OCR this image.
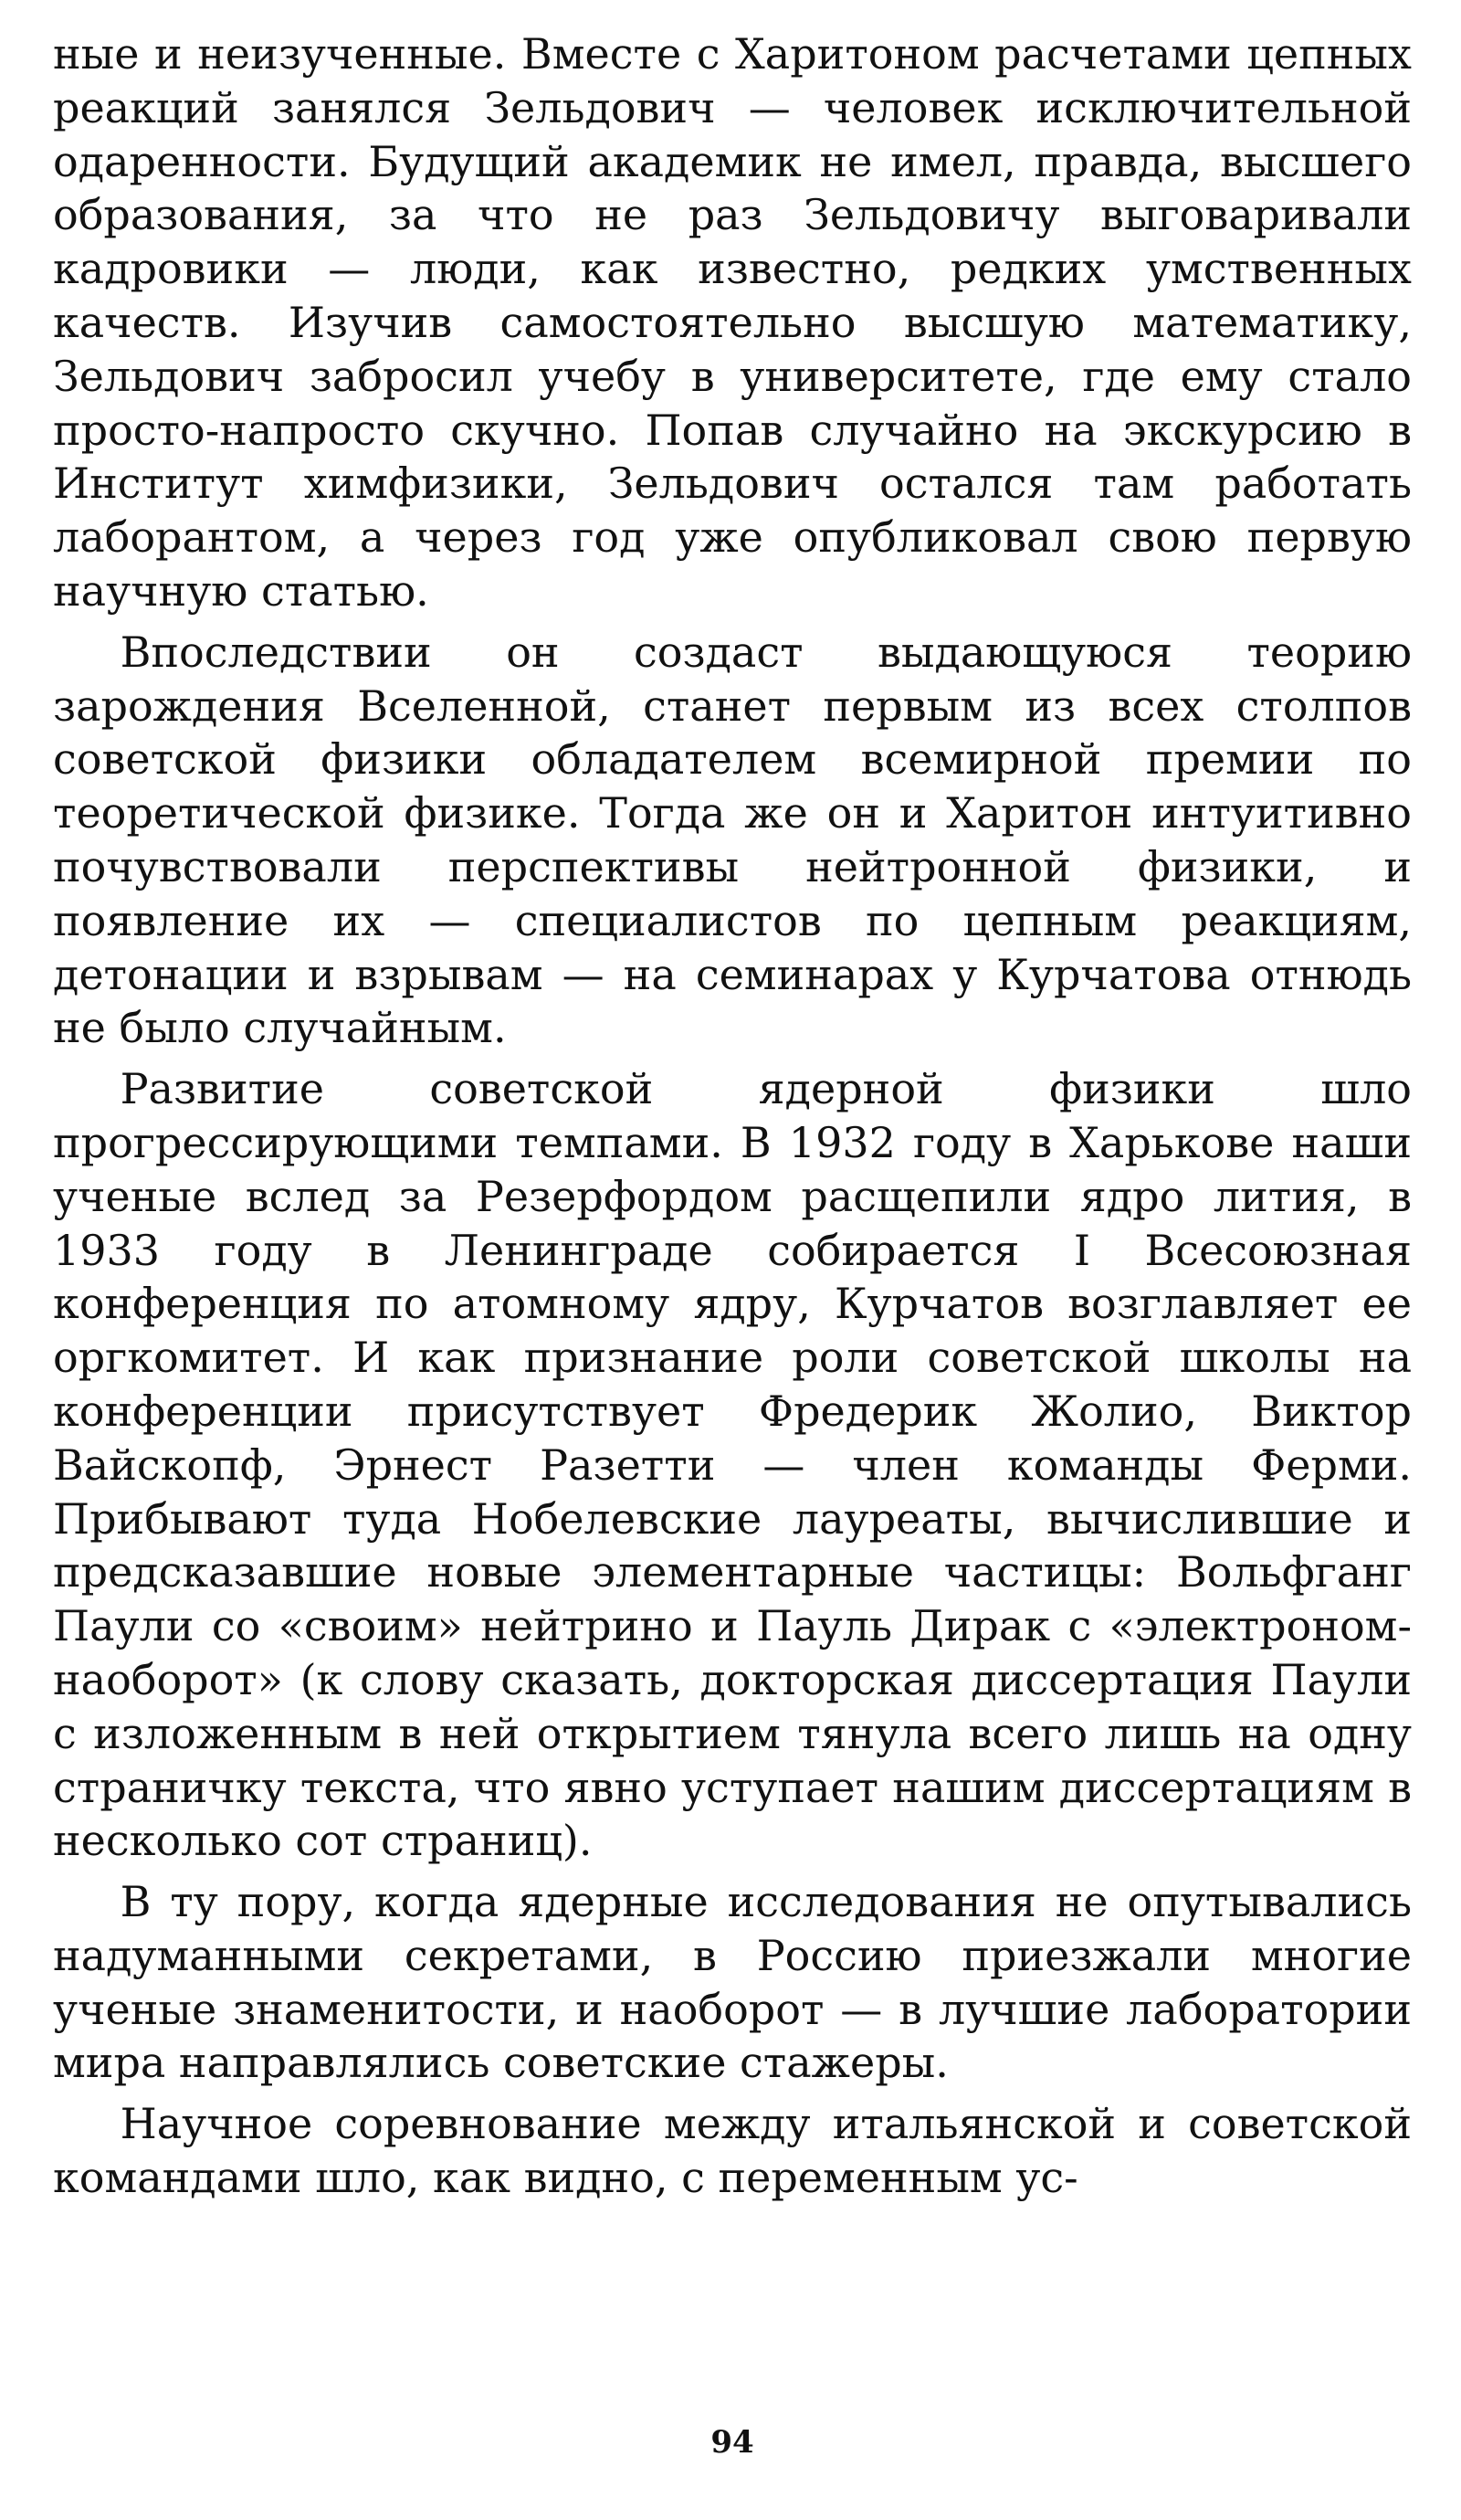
ные и неизученные. Вместе с Харитоном расчетами цепных реакций занялся Зельдович — человек исключительной одаренности. Будущий академик не имел, правда, высшего образования, за что не раз Зельдовичу выговаривали кадровики — люди, как известно, редких умственных качеств. Изучив самостоятельно высшую математику, Зельдович забросил учебу в университете, где ему стало просто-напросто скучно. Попав случайно на экскурсию в Институт химфизики, Зельдович остался там работать лаборантом, а через год уже опубликовал свою первую научную статью.

Впоследствии он создаст выдающуюся теорию зарождения Вселенной, станет первым из всех столпов советской физики обладателем всемирной премии по теоретической физике. Тогда же он и Харитон интуитивно почувствовали перспективы нейтронной физики, и появление их — специалистов по цепным реакциям, детонации и взрывам — на семинарах у Курчатова отнюдь не было случайным.

Развитие советской ядерной физики шло прогрессирующими темпами. В 1932 году в Харькове наши ученые вслед за Резерфордом расщепили ядро лития, в 1933 году в Ленинграде собирается I Всесоюзная конференция по атомному ядру, Курчатов возглавляет ее оргкомитет. И как признание роли советской школы на конференции присутствует Фредерик Жолио, Виктор Вайскопф, Эрнест Разетти — член команды Ферми. Прибывают туда Нобелевские лауреаты, вычислившие и предсказавшие новые элементарные частицы: Вольфганг Паули со «своим» нейтрино и Пауль Дирак с «электроном-наоборот» (к слову сказать, докторская диссертация Паули с изложенным в ней открытием тянула всего лишь на одну страничку текста, что явно уступает нашим диссертациям в несколько сот страниц).

В ту пору, когда ядерные исследования не опутывались надуманными секретами, в Россию приезжали многие ученые знаменитости, и наоборот — в лучшие лаборатории мира направлялись советские стажеры.

Научное соревнование между итальянской и советской командами шло, как видно, с переменным ус-

94
